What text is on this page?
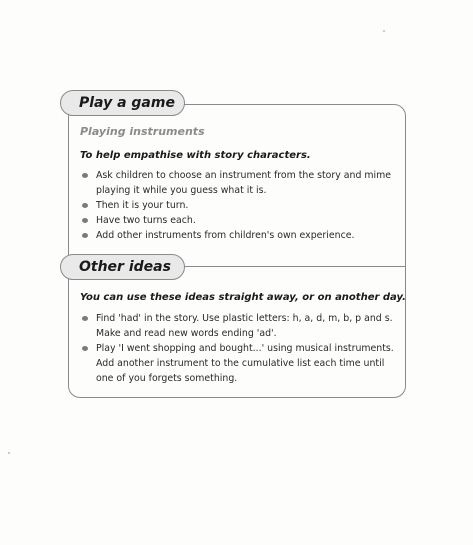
Play a game
Playing instruments
To help empathise with story characters.
Ask children to choose an instrument from the story and mime playing it while you guess what it is.
Then it is your turn.
Have two turns each.
Add other instruments from children's own experience.
Other ideas
You can use these ideas straight away, or on another day.
Find 'had' in the story. Use plastic letters: h, a, d, m, b, p and s. Make and read new words ending 'ad'.
Play 'I went shopping and bought...' using musical instruments. Add another instrument to the cumulative list each time until one of you forgets something.
